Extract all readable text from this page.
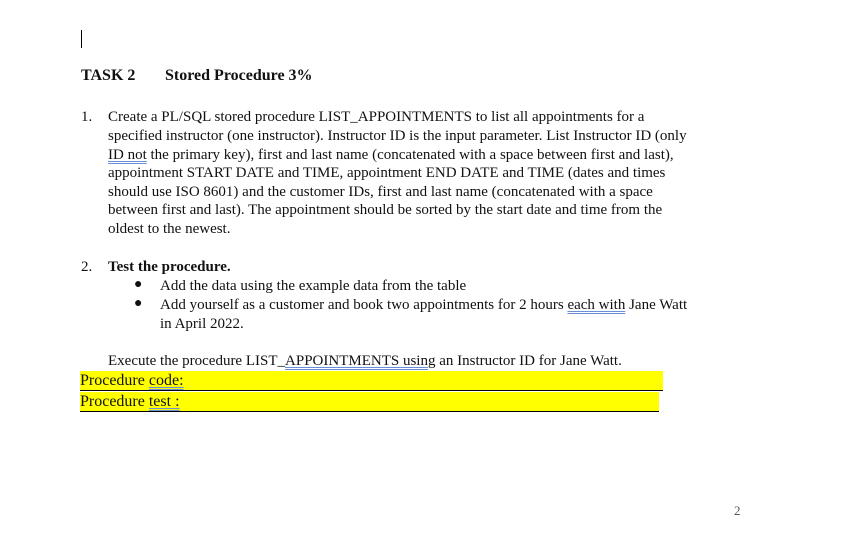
TASK 2 Stored Procedure 3%
1. Create a PL/SQL stored procedure LIST_APPOINTMENTS to list all appointments for a
specified instructor (one instructor). Instructor ID is the input parameter. List Instructor ID (only
ID not the primary key), first and last name (concatenated with a space between first and last),
appointment START DATE and TIME, appointment END DATE and TIME (dates and times
should use ISO 8601) and the customer IDs, first and last name (concatenated with a space
between first and last). The appointment should be sorted by the start date and time from the
oldest to the newest.
2. Test the procedure.
● Add the data using the example data from the table
● Add yourself as a customer and book two appointments for 2 hours each with Jane Watt
in April 2022.
Execute the procedure LIST_APPOINTMENTS using an Instructor ID for Jane Watt.
Procedure code:
Procedure test :
2
